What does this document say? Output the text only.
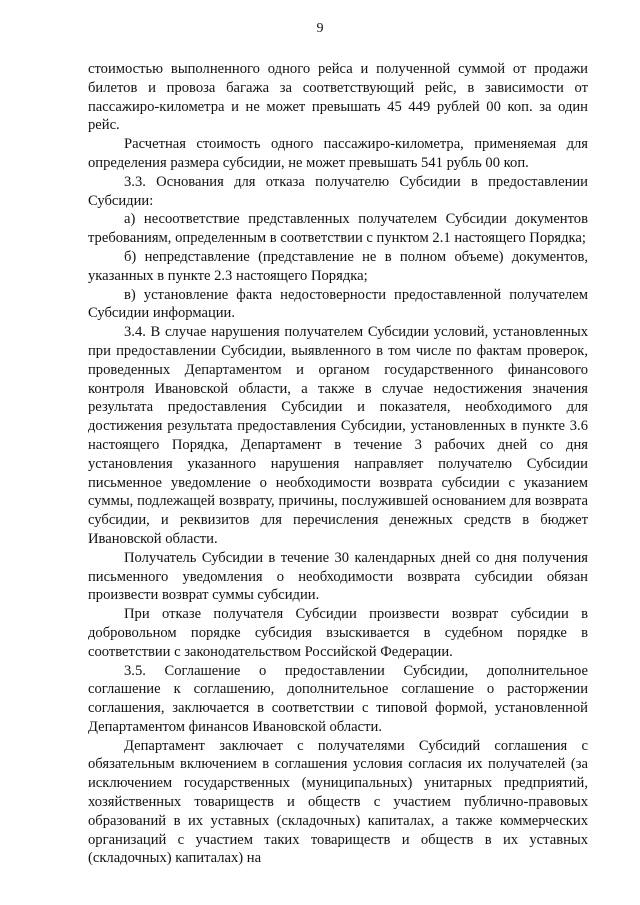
9

стоимостью выполненного одного рейса и полученной суммой от продажи билетов и провоза багажа за соответствующий рейс, в зависимости от пассажиро-километра и не может превышать 45 449 рублей 00 коп. за один рейс.

Расчетная стоимость одного пассажиро-километра, применяемая для определения размера субсидии, не может превышать 541 рубль 00 коп.

3.3. Основания для отказа получателю Субсидии в предоставлении Субсидии:

а) несоответствие представленных получателем Субсидии документов требованиям, определенным в соответствии с пунктом 2.1 настоящего Порядка;

б) непредставление (представление не в полном объеме) документов, указанных в пункте 2.3 настоящего Порядка;

в) установление факта недостоверности предоставленной получателем Субсидии информации.

3.4. В случае нарушения получателем Субсидии условий, установленных при предоставлении Субсидии, выявленного в том числе по фактам проверок, проведенных Департаментом и органом государственного финансового контроля Ивановской области, а также в случае недостижения значения результата предоставления Субсидии и показателя, необходимого для достижения результата предоставления Субсидии, установленных в пункте 3.6 настоящего Порядка, Департамент в течение 3 рабочих дней со дня установления указанного нарушения направляет получателю Субсидии письменное уведомление о необходимости возврата субсидии с указанием суммы, подлежащей возврату, причины, послужившей основанием для возврата субсидии, и реквизитов для перечисления денежных средств в бюджет Ивановской области.

Получатель Субсидии в течение 30 календарных дней со дня получения письменного уведомления о необходимости возврата субсидии обязан произвести возврат суммы субсидии.

При отказе получателя Субсидии произвести возврат субсидии в добровольном порядке субсидия взыскивается в судебном порядке в соответствии с законодательством Российской Федерации.

3.5. Соглашение о предоставлении Субсидии, дополнительное соглашение к соглашению, дополнительное соглашение о расторжении соглашения, заключается в соответствии с типовой формой, установленной Департаментом финансов Ивановской области.

Департамент заключает с получателями Субсидий соглашения с обязательным включением в соглашения условия согласия их получателей (за исключением государственных (муниципальных) унитарных предприятий, хозяйственных товариществ и обществ с участием публично-правовых образований в их уставных (складочных) капиталах, а также коммерческих организаций с участием таких товариществ и обществ в их уставных (складочных) капиталах) на
